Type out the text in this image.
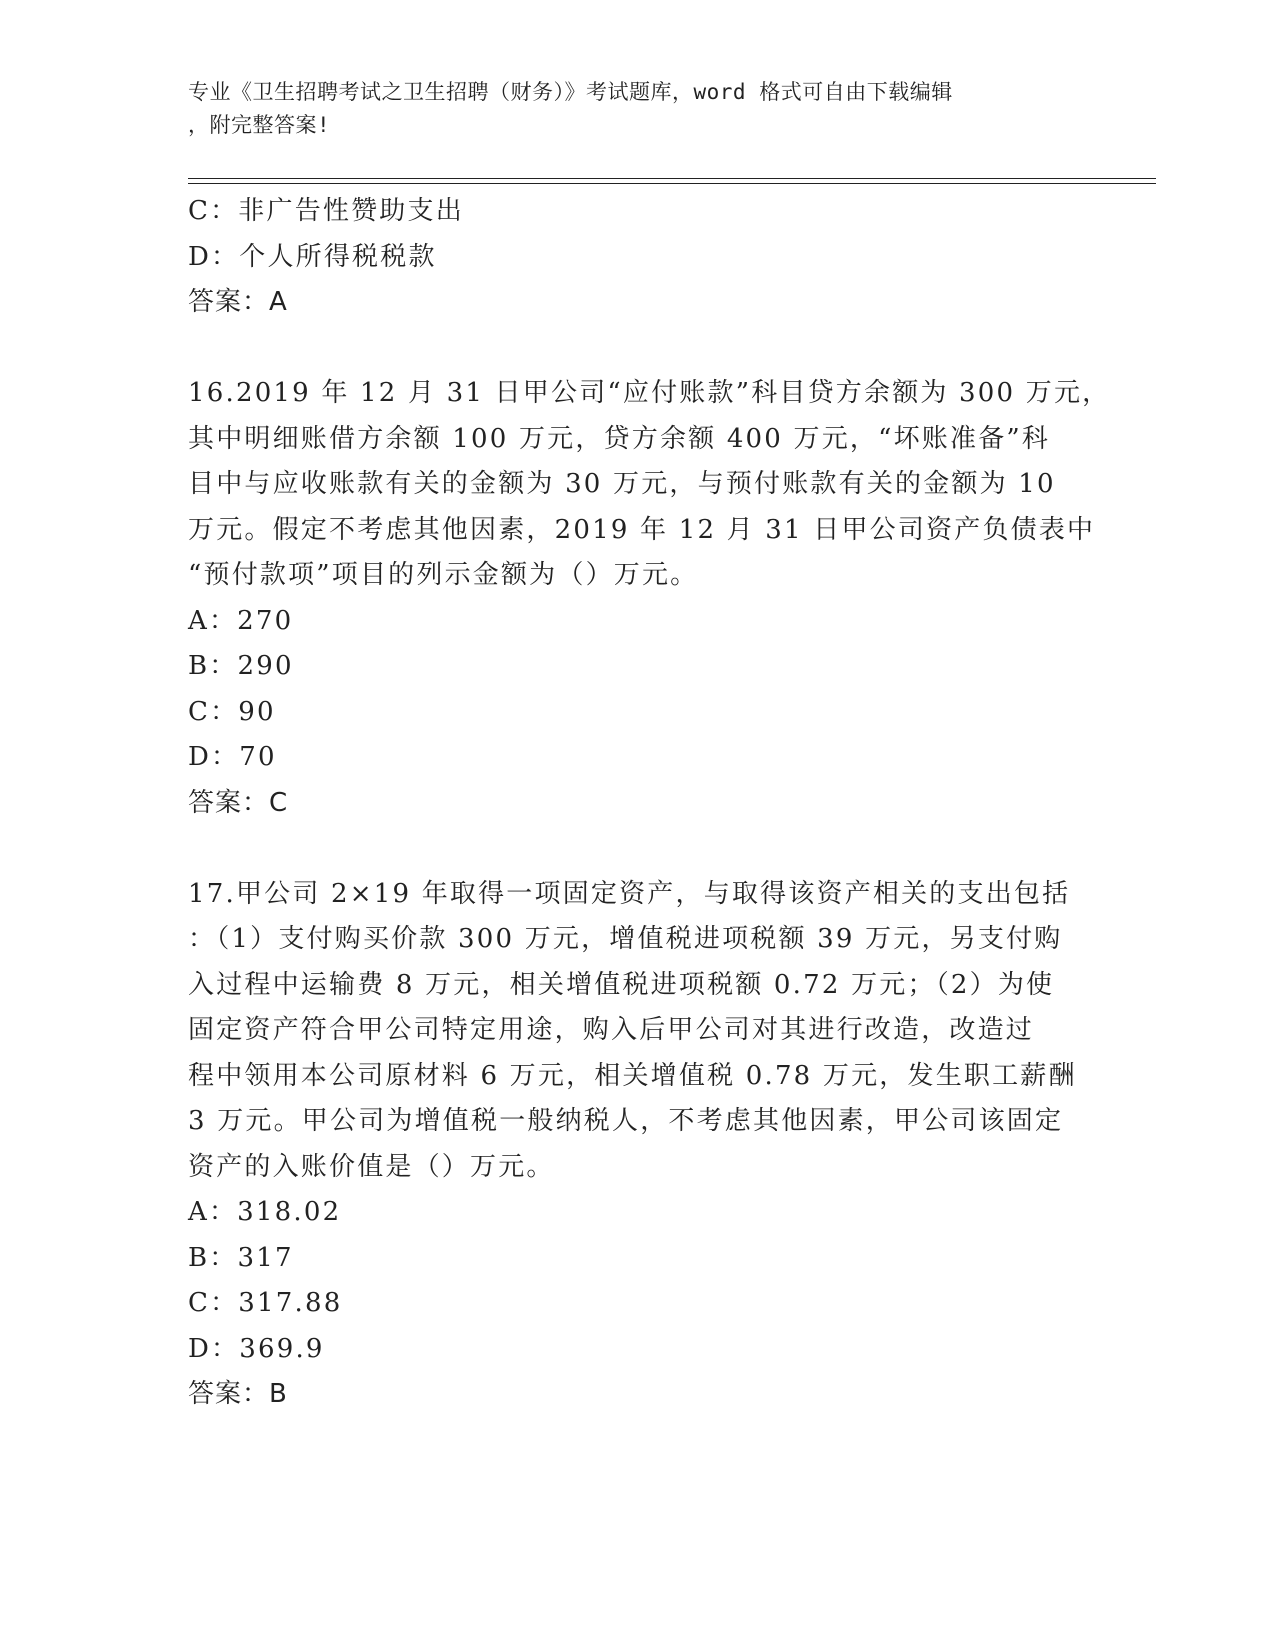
专业《卫生招聘考试之卫生招聘（财务）》考试题库，word 格式可自由下载编辑
，附完整答案!
C：非广告性赞助支出
D：个人所得税税款
答案：A
16.2019 年 12 月 31 日甲公司“应付账款”科目贷方余额为 300 万元，
其中明细账借方余额 100 万元，贷方余额 400 万元，“坏账准备”科
目中与应收账款有关的金额为 30 万元，与预付账款有关的金额为 10
万元。假定不考虑其他因素，2019 年 12 月 31 日甲公司资产负债表中
“预付款项”项目的列示金额为（）万元。
A：270
B：290
C：90
D：70
答案：C
17.甲公司 2×19 年取得一项固定资产，与取得该资产相关的支出包括
：（1）支付购买价款 300 万元，增值税进项税额 39 万元，另支付购
入过程中运输费 8 万元，相关增值税进项税额 0.72 万元；（2）为使
固定资产符合甲公司特定用途，购入后甲公司对其进行改造，改造过
程中领用本公司原材料 6 万元，相关增值税 0.78 万元，发生职工薪酬
3 万元。甲公司为增值税一般纳税人，不考虑其他因素，甲公司该固定
资产的入账价值是（）万元。
A：318.02
B：317
C：317.88
D：369.9
答案：B
